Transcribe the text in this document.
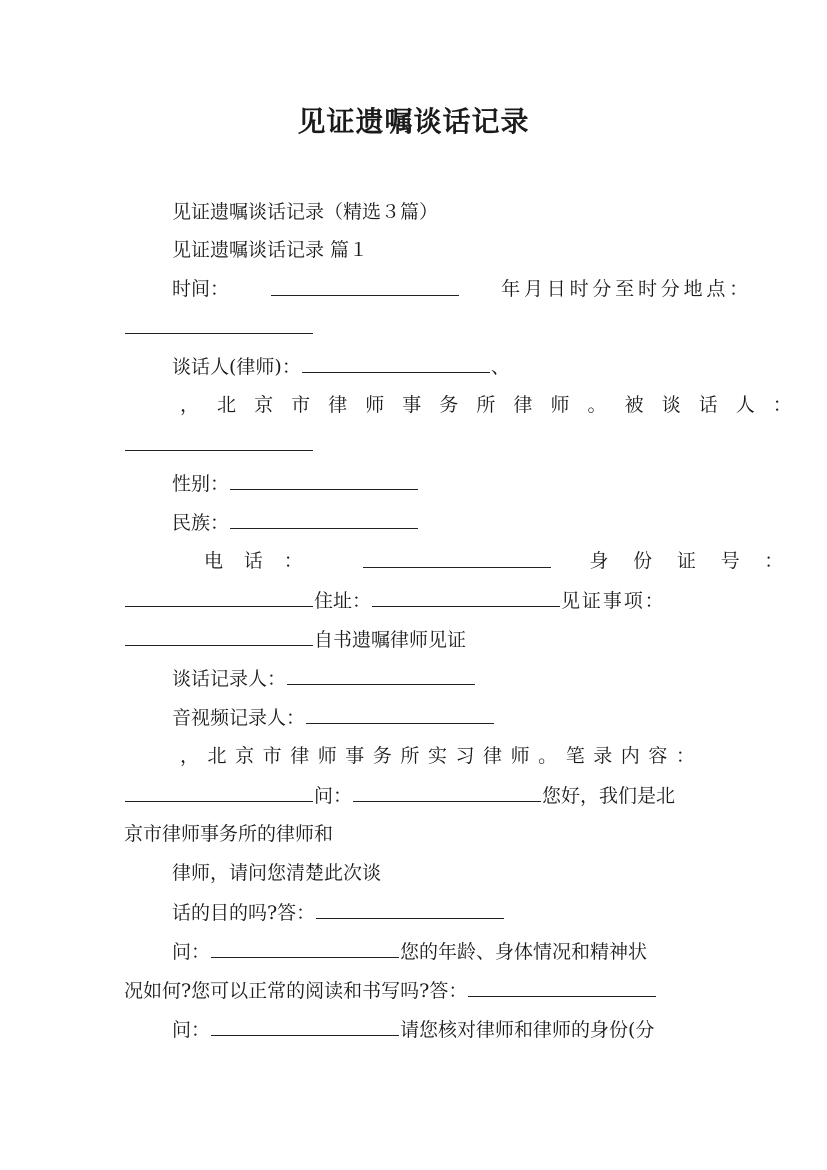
见证遗嘱谈话记录
见证遗嘱谈话记录（精选３篇）
见证遗嘱谈话记录 篇１
时间：	年月日时分至时分地点：
谈话人(律师)：	、
，北京市律师事务所律师。被谈话人：
性别：
民族：
电话：	身份证号：
住址：	见证事项：
自书遗嘱律师见证
谈话记录人：
音视频记录人：
，北京市律师事务所实习律师。笔录内容：
问：	您好，我们是北
京市律师事务所的律师和
律师，请问您清楚此次谈
话的目的吗?答：
问：	您的年龄、身体情况和精神状
况如何?您可以正常的阅读和书写吗?答：
问：	请您核对律师和律师的身份(分
